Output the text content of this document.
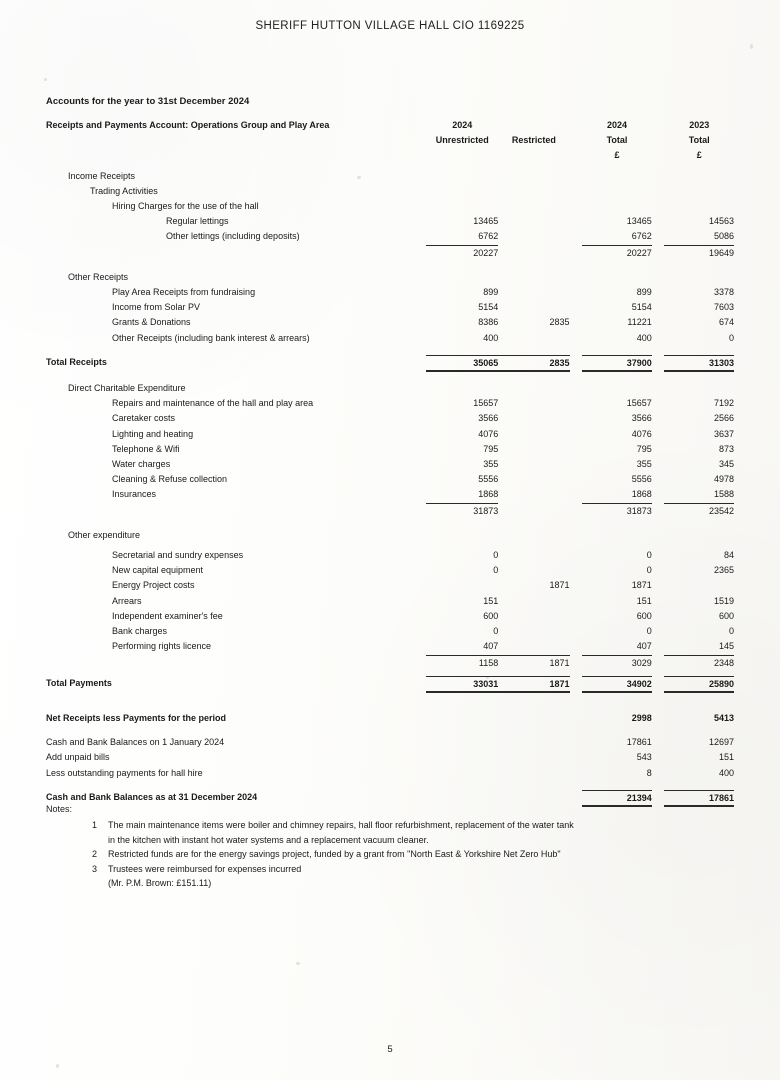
SHERIFF HUTTON VILLAGE HALL CIO 1169225
Accounts for the year to 31st December 2024
Receipts and Payments Account: Operations Group and Play Area	2024			2024		2023
	Unrestricted	Restricted		Total		Total
				£		£

Income Receipts						
Trading Activities						
Hiring Charges for the use of the hall						
Regular lettings	13465			13465		14563
Other lettings (including deposits)	6762			6762		5086
	20227			20227		19649

Other Receipts						
Play Area Receipts from fundraising	899			899		3378
Income from Solar PV	5154			5154		7603
Grants & Donations	8386	2835		11221		674
Other Receipts (including bank interest & arrears)	400			400		0

Total Receipts	35065	2835		37900		31303

Direct Charitable Expenditure						
Repairs and maintenance of the hall and play area	15657			15657		7192
Caretaker costs	3566			3566		2566
Lighting and heating	4076			4076		3637
Telephone & Wifi	795			795		873
Water charges	355			355		345
Cleaning & Refuse collection	5556			5556		4978
Insurances	1868			1868		1588
	31873			31873		23542

Other expenditure						

Secretarial and sundry expenses	0			0		84
New capital equipment	0			0		2365
Energy Project costs		1871		1871		
Arrears	151			151		1519
Independent examiner's fee	600			600		600
Bank charges	0			0		0
Performing rights licence	407			407		145
	1158	1871		3029		2348

Total Payments	33031	1871		34902		25890

Net Receipts less Payments for the period				2998		5413

Cash and Bank Balances on 1 January 2024				17861		12697
Add unpaid bills				543		151
Less outstanding payments for hall hire				8		400

Cash and Bank Balances as at 31 December 2024				21394		17861
Notes:
1	The main maintenance items were boiler and chimney repairs, hall floor refurbishment, replacement of the water tank
in the kitchen with instant hot water systems and a replacement vacuum cleaner.
2	Restricted funds are for the energy savings project, funded by a grant from "North East & Yorkshire Net Zero Hub"
3	Trustees were reimbursed for expenses incurred
(Mr. P.M. Brown: £151.11)
5
